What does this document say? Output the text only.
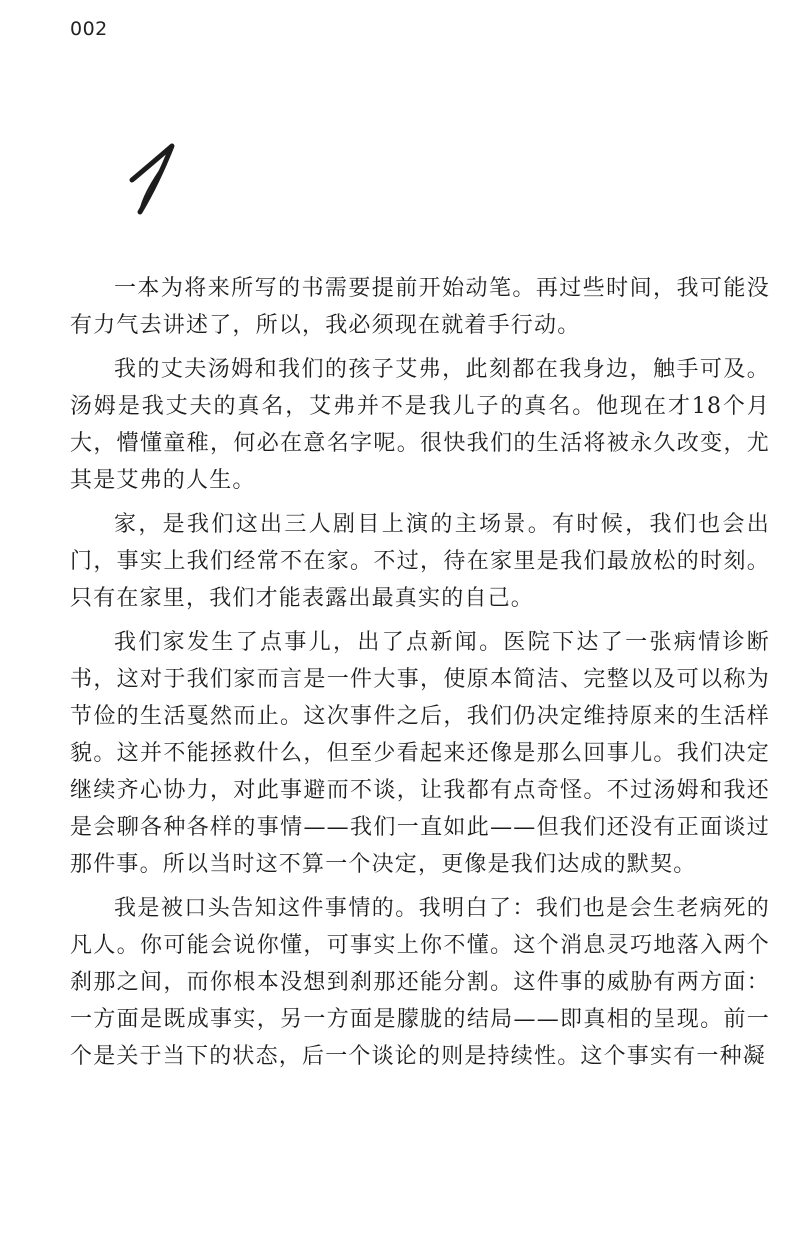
002

一本为将来所写的书需要提前开始动笔。再过些时间，我可能没有力气去讲述了，所以，我必须现在就着手行动。

我的丈夫汤姆和我们的孩子艾弗，此刻都在我身边，触手可及。汤姆是我丈夫的真名，艾弗并不是我儿子的真名。他现在才18个月大，懵懂童稚，何必在意名字呢。很快我们的生活将被永久改变，尤其是艾弗的人生。

家，是我们这出三人剧目上演的主场景。有时候，我们也会出门，事实上我们经常不在家。不过，待在家里是我们最放松的时刻。只有在家里，我们才能表露出最真实的自己。

我们家发生了点事儿，出了点新闻。医院下达了一张病情诊断书，这对于我们家而言是一件大事，使原本简洁、完整以及可以称为节俭的生活戛然而止。这次事件之后，我们仍决定维持原来的生活样貌。这并不能拯救什么，但至少看起来还像是那么回事儿。我们决定继续齐心协力，对此事避而不谈，让我都有点奇怪。不过汤姆和我还是会聊各种各样的事情——我们一直如此——但我们还没有正面谈过那件事。所以当时这不算一个决定，更像是我们达成的默契。

我是被口头告知这件事情的。我明白了：我们也是会生老病死的凡人。你可能会说你懂，可事实上你不懂。这个消息灵巧地落入两个刹那之间，而你根本没想到刹那还能分割。这件事的威胁有两方面：一方面是既成事实，另一方面是朦胧的结局——即真相的呈现。前一个是关于当下的状态，后一个谈论的则是持续性。这个事实有一种凝
